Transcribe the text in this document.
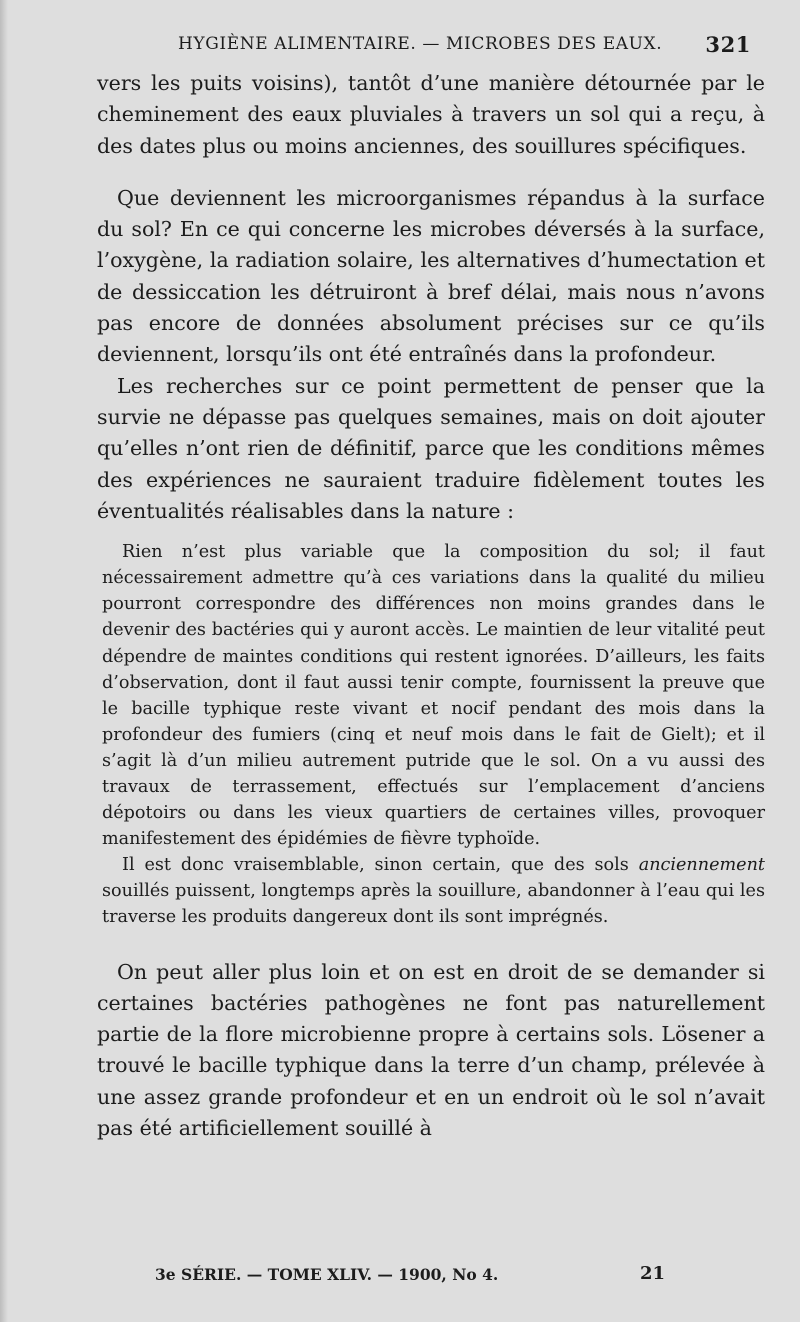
HYGIÈNE ALIMENTAIRE. — MICROBES DES EAUX. 321

vers les puits voisins), tantôt d’une manière détournée par le cheminement des eaux pluviales à travers un sol qui a reçu, à des dates plus ou moins anciennes, des souillures spécifiques.

Que deviennent les microorganismes répandus à la surface du sol? En ce qui concerne les microbes déversés à la surface, l’oxygène, la radiation solaire, les alternatives d’humectation et de dessiccation les détruiront à bref délai, mais nous n’avons pas encore de données absolument précises sur ce qu’ils deviennent, lorsqu’ils ont été entraînés dans la profondeur.

Les recherches sur ce point permettent de penser que la survie ne dépasse pas quelques semaines, mais on doit ajouter qu’elles n’ont rien de définitif, parce que les conditions mêmes des expériences ne sauraient traduire fidèlement toutes les éventualités réalisables dans la nature :

Rien n’est plus variable que la composition du sol; il faut nécessairement admettre qu’à ces variations dans la qualité du milieu pourront correspondre des différences non moins grandes dans le devenir des bactéries qui y auront accès. Le maintien de leur vitalité peut dépendre de maintes conditions qui restent ignorées. D’ailleurs, les faits d’observation, dont il faut aussi tenir compte, fournissent la preuve que le bacille typhique reste vivant et nocif pendant des mois dans la profondeur des fumiers (cinq et neuf mois dans le fait de Gielt); et il s’agit là d’un milieu autrement putride que le sol. On a vu aussi des travaux de terrassement, effectués sur l’emplacement d’anciens dépotoirs ou dans les vieux quartiers de certaines villes, provoquer manifestement des épidémies de fièvre typhoïde.

Il est donc vraisemblable, sinon certain, que des sols anciennement souillés puissent, longtemps après la souillure, abandonner à l’eau qui les traverse les produits dangereux dont ils sont imprégnés.

On peut aller plus loin et on est en droit de se demander si certaines bactéries pathogènes ne font pas naturellement partie de la flore microbienne propre à certains sols. Lösener a trouvé le bacille typhique dans la terre d’un champ, prélevée à une assez grande profondeur et en un endroit où le sol n’avait pas été artificiellement souillé à

3e SÉRIE. — TOME XLIV. — 1900, No 4.	21
